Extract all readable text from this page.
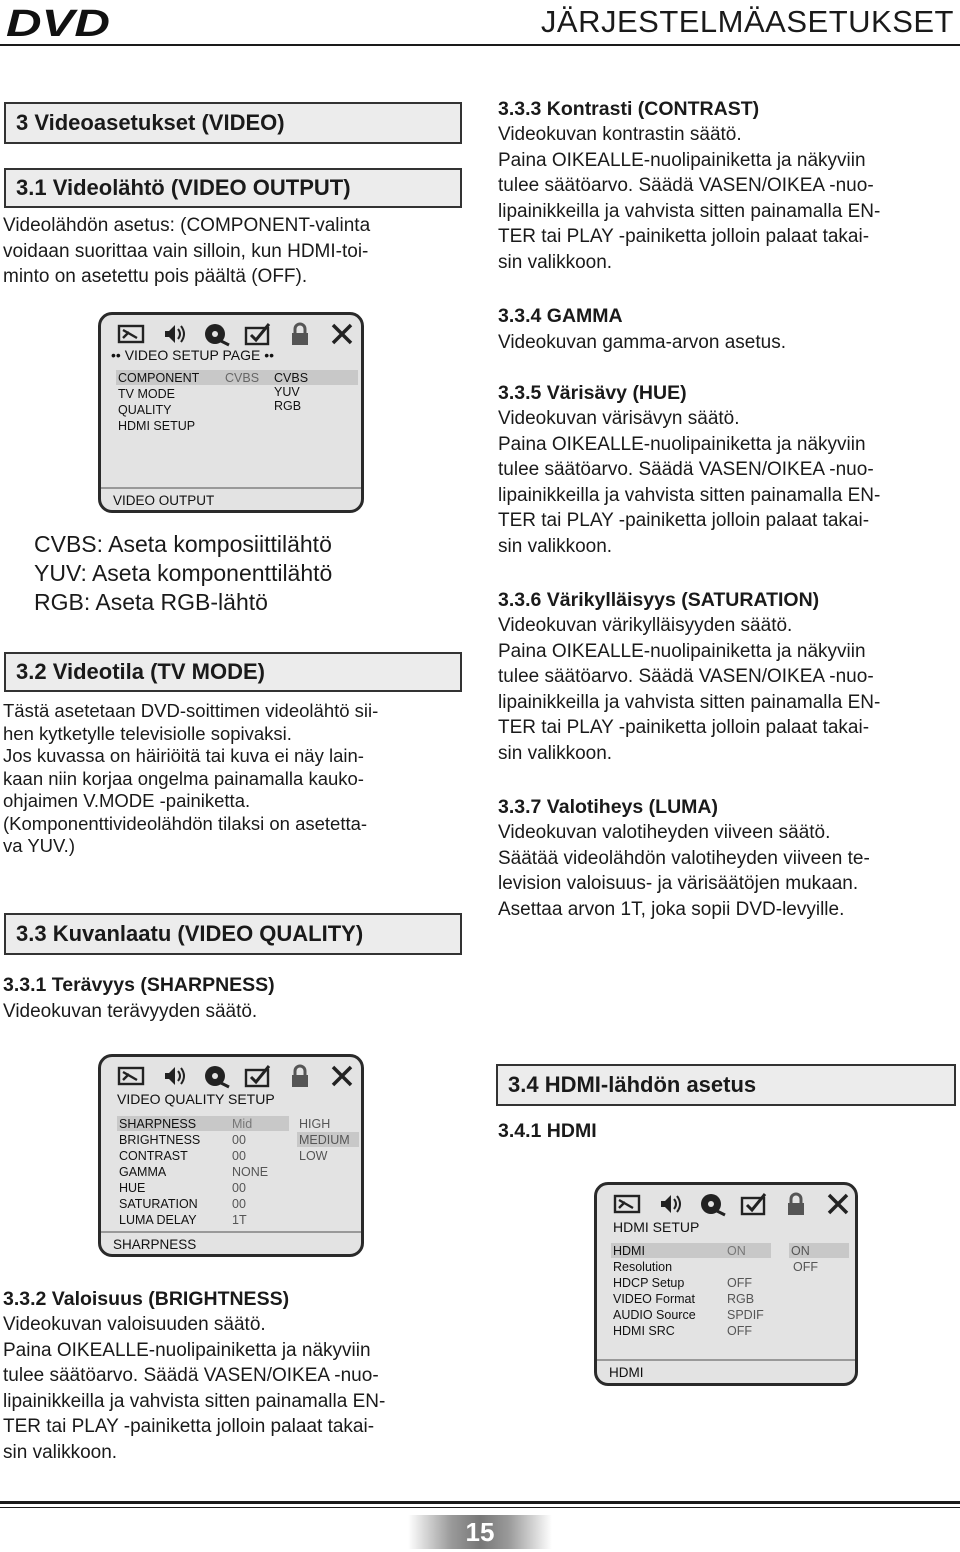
DVD	JÄRJESTELMÄASETUKSET
3 Videoasetukset (VIDEO)
3.1 Videolähtö (VIDEO OUTPUT)
Videolähdön asetus: (COMPONENT-valinta
voidaan suorittaa vain silloin, kun HDMI-toi-
minto on asetettu pois päältä (OFF).
•• VIDEO SETUP PAGE ••
COMPONENT
TV MODE
QUALITY
HDMI SETUP
CVBS CVBS
YUV
RGB
VIDEO OUTPUT
CVBS: Aseta komposiittilähtö
YUV: Aseta komponenttilähtö
RGB: Aseta RGB-lähtö
3.2 Videotila (TV MODE)
Tästä asetetaan DVD-soittimen videolähtö sii-
hen kytketylle televisiolle sopivaksi.
Jos kuvassa on häiriöitä tai kuva ei näy lain-
kaan niin korjaa ongelma painamalla kauko-
ohjaimen V.MODE -painiketta.
(Komponenttivideolähdön tilaksi on asetetta-
va YUV.)
3.3 Kuvanlaatu (VIDEO QUALITY)
3.3.1 Terävyys (SHARPNESS)
Videokuvan terävyyden säätö.
VIDEO QUALITY SETUP
SHARPNESS
BRIGHTNESS
CONTRAST
GAMMA
HUE
SATURATION
LUMA DELAY
Mid
00
00
NONE
00
00
1T
HIGH
MEDIUM
LOW
SHARPNESS
3.3.2 Valoisuus (BRIGHTNESS)
Videokuvan valoisuuden säätö.
Paina OIKEALLE-nuolipainiketta ja näkyviin
tulee säätöarvo. Säädä VASEN/OIKEA -nuo-
lipainikkeilla ja vahvista sitten painamalla EN-
TER tai PLAY -painiketta jolloin palaat takai-
sin valikkoon.
3.3.3 Kontrasti (CONTRAST)
Videokuvan kontrastin säätö.
Paina OIKEALLE-nuolipainiketta ja näkyviin
tulee säätöarvo. Säädä VASEN/OIKEA -nuo-
lipainikkeilla ja vahvista sitten painamalla EN-
TER tai PLAY -painiketta jolloin palaat takai-
sin valikkoon.
3.3.4 GAMMA
Videokuvan gamma-arvon asetus.
3.3.5 Värisävy (HUE)
Videokuvan värisävyn säätö.
Paina OIKEALLE-nuolipainiketta ja näkyviin
tulee säätöarvo. Säädä VASEN/OIKEA -nuo-
lipainikkeilla ja vahvista sitten painamalla EN-
TER tai PLAY -painiketta jolloin palaat takai-
sin valikkoon.
3.3.6 Värikylläisyys (SATURATION)
Videokuvan värikylläisyyden säätö.
Paina OIKEALLE-nuolipainiketta ja näkyviin
tulee säätöarvo. Säädä VASEN/OIKEA -nuo-
lipainikkeilla ja vahvista sitten painamalla EN-
TER tai PLAY -painiketta jolloin palaat takai-
sin valikkoon.
3.3.7 Valotiheys (LUMA)
Videokuvan valotiheyden viiveen säätö.
Säätää videolähdön valotiheyden viiveen te-
levision valoisuus- ja värisäätöjen mukaan.
Asettaa arvon 1T, joka sopii DVD-levyille.
3.4 HDMI-lähdön asetus
3.4.1 HDMI
HDMI SETUP
HDMI
Resolution
HDCP Setup
VIDEO Format
AUDIO Source
HDMI SRC
ON
OFF
RGB
SPDIF
OFF
ON
OFF
HDMI
15
